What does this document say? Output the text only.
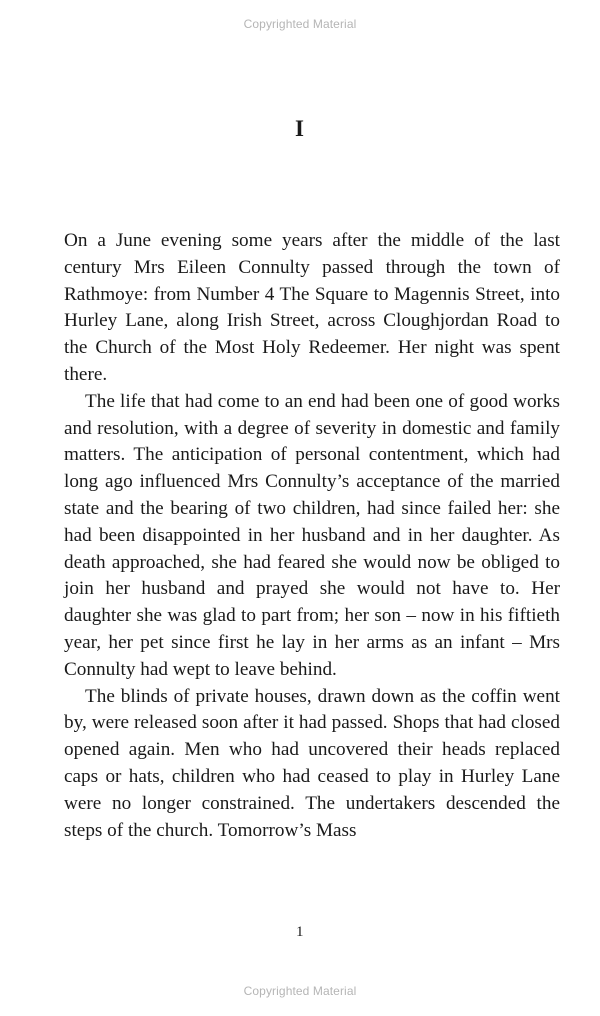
Copyrighted Material
I

On a June evening some years after the middle of the last century Mrs Eileen Connulty passed through the town of Rathmoye: from Number 4 The Square to Magennis Street, into Hurley Lane, along Irish Street, across Cloughjordan Road to the Church of the Most Holy Redeemer. Her night was spent there.

The life that had come to an end had been one of good works and resolution, with a degree of severity in domestic and family matters. The anticipation of personal contentment, which had long ago influenced Mrs Connulty’s acceptance of the married state and the bearing of two children, had since failed her: she had been disappointed in her husband and in her daughter. As death approached, she had feared she would now be obliged to join her husband and prayed she would not have to. Her daughter she was glad to part from; her son – now in his fiftieth year, her pet since first he lay in her arms as an infant – Mrs Connulty had wept to leave behind.

The blinds of private houses, drawn down as the coffin went by, were released soon after it had passed. Shops that had closed opened again. Men who had uncovered their heads replaced caps or hats, children who had ceased to play in Hurley Lane were no longer constrained. The undertakers descended the steps of the church. Tomorrow’s Mass

1
Copyrighted Material
